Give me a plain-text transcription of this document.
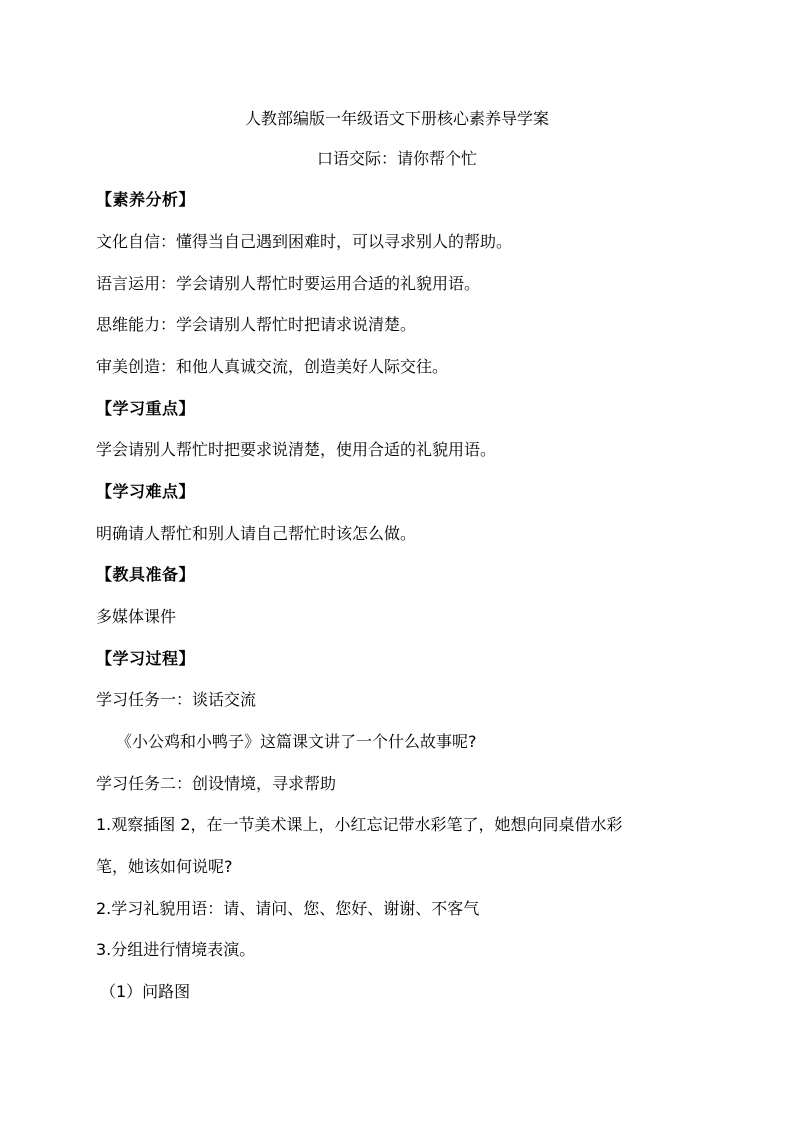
人教部编版一年级语文下册核心素养导学案
口语交际：请你帮个忙
【素养分析】
文化自信：懂得当自己遇到困难时，可以寻求别人的帮助。
语言运用：学会请别人帮忙时要运用合适的礼貌用语。
思维能力：学会请别人帮忙时把请求说清楚。
审美创造：和他人真诚交流，创造美好人际交往。
【学习重点】
学会请别人帮忙时把要求说清楚，使用合适的礼貌用语。
【学习难点】
明确请人帮忙和别人请自己帮忙时该怎么做。
【教具准备】
多媒体课件
【学习过程】
学习任务一：谈话交流
《小公鸡和小鸭子》这篇课文讲了一个什么故事呢?
学习任务二：创设情境，寻求帮助
1.观察插图 2，在一节美术课上，小红忘记带水彩笔了，她想向同桌借水彩
笔，她该如何说呢?
2.学习礼貌用语：请、请问、您、您好、谢谢、不客气
3.分组进行情境表演。
（1）问路图
